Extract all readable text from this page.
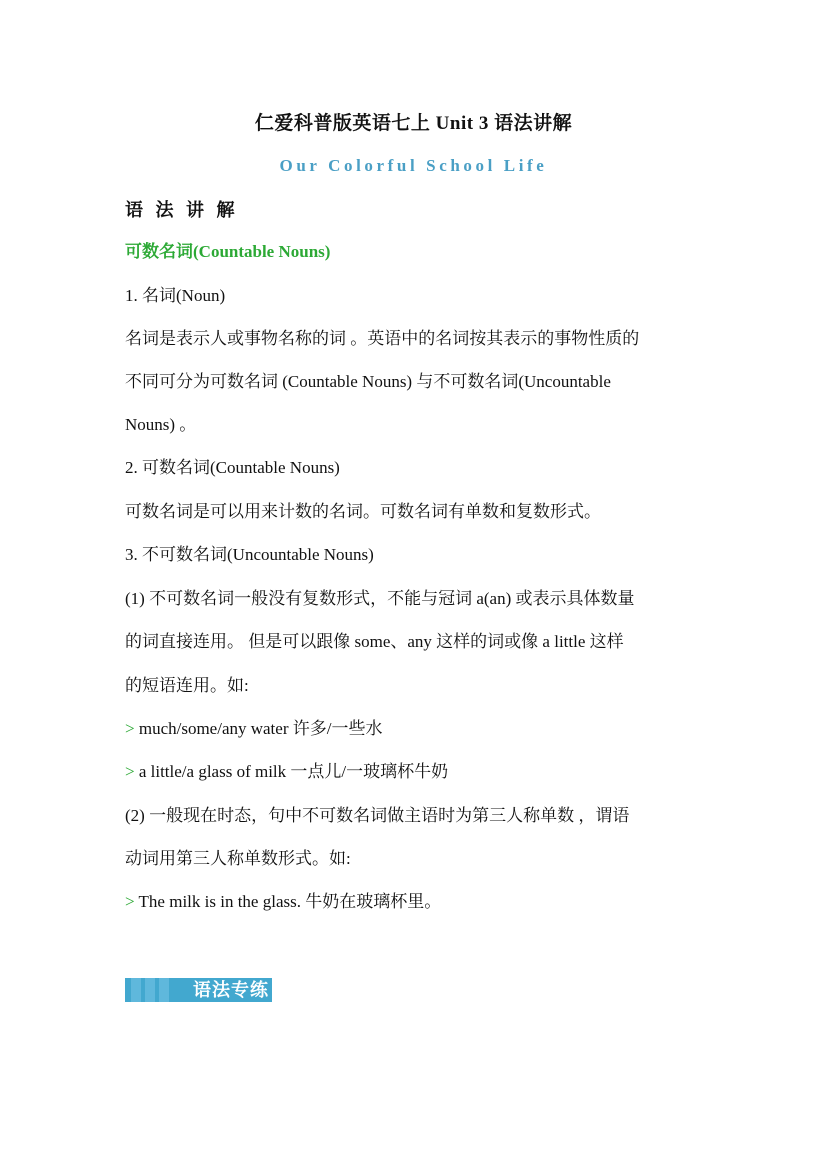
仁爱科普版英语七上 Unit 3 语法讲解
Our Colorful School Life
语 法 讲 解
可数名词(Countable Nouns)
1. 名词(Noun)
名词是表示人或事物名称的词 。英语中的名词按其表示的事物性质的
不同可分为可数名词 (Countable Nouns) 与不可数名词(Uncountable
Nouns) 。
2. 可数名词(Countable Nouns)
可数名词是可以用来计数的名词。可数名词有单数和复数形式。
3. 不可数名词(Uncountable Nouns)
(1) 不可数名词一般没有复数形式，不能与冠词 a(an) 或表示具体数量
的词直接连用。 但是可以跟像 some、any 这样的词或像 a little 这样
的短语连用。如:
> much/some/any water 许多/一些水
> a little/a glass of milk 一点儿/一玻璃杯牛奶
(2) 一般现在时态，句中不可数名词做主语时为第三人称单数 ，谓语
动词用第三人称单数形式。如:
> The milk is in the glass. 牛奶在玻璃杯里。
语法专练
